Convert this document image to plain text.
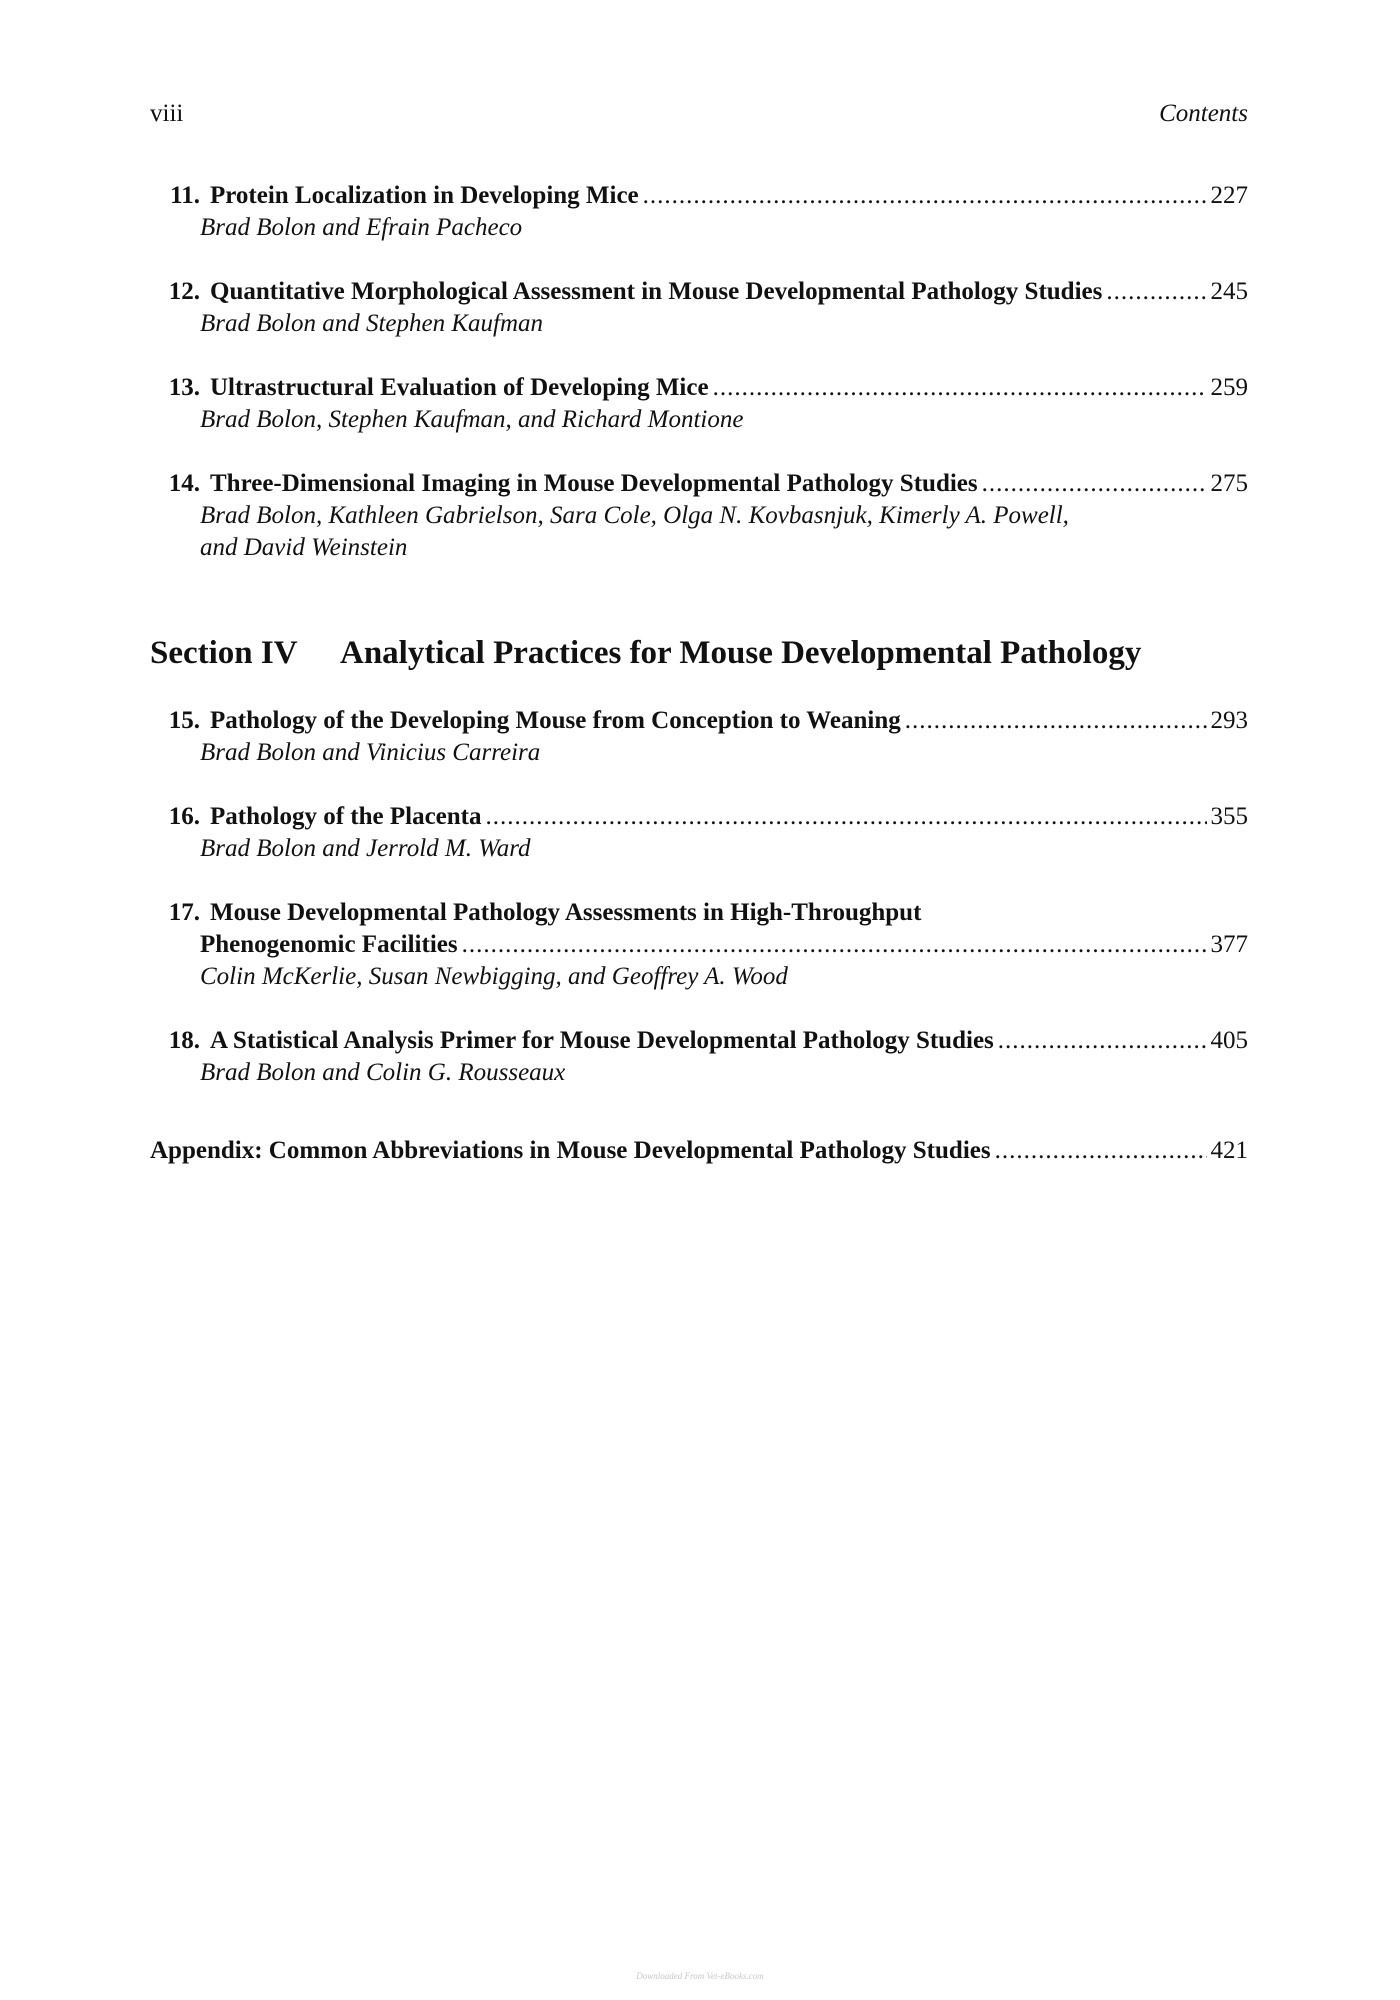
viii	Contents
11. Protein Localization in Developing Mice .....	227
Brad Bolon and Efrain Pacheco
12. Quantitative Morphological Assessment in Mouse Developmental Pathology Studies .....	245
Brad Bolon and Stephen Kaufman
13. Ultrastructural Evaluation of Developing Mice .....	259
Brad Bolon, Stephen Kaufman, and Richard Montione
14. Three-Dimensional Imaging in Mouse Developmental Pathology Studies .....	275
Brad Bolon, Kathleen Gabrielson, Sara Cole, Olga N. Kovbasnjuk, Kimerly A. Powell,
and David Weinstein
Section IV Analytical Practices for Mouse Developmental Pathology
15. Pathology of the Developing Mouse from Conception to Weaning .....	293
Brad Bolon and Vinicius Carreira
16. Pathology of the Placenta .....	355
Brad Bolon and Jerrold M. Ward
17. Mouse Developmental Pathology Assessments in High-Throughput
Phenogenomic Facilities .....	377
Colin McKerlie, Susan Newbigging, and Geoffrey A. Wood
18. A Statistical Analysis Primer for Mouse Developmental Pathology Studies .....	405
Brad Bolon and Colin G. Rousseaux
Appendix: Common Abbreviations in Mouse Developmental Pathology Studies .....	421
Downloaded From Vet-eBooks.com
